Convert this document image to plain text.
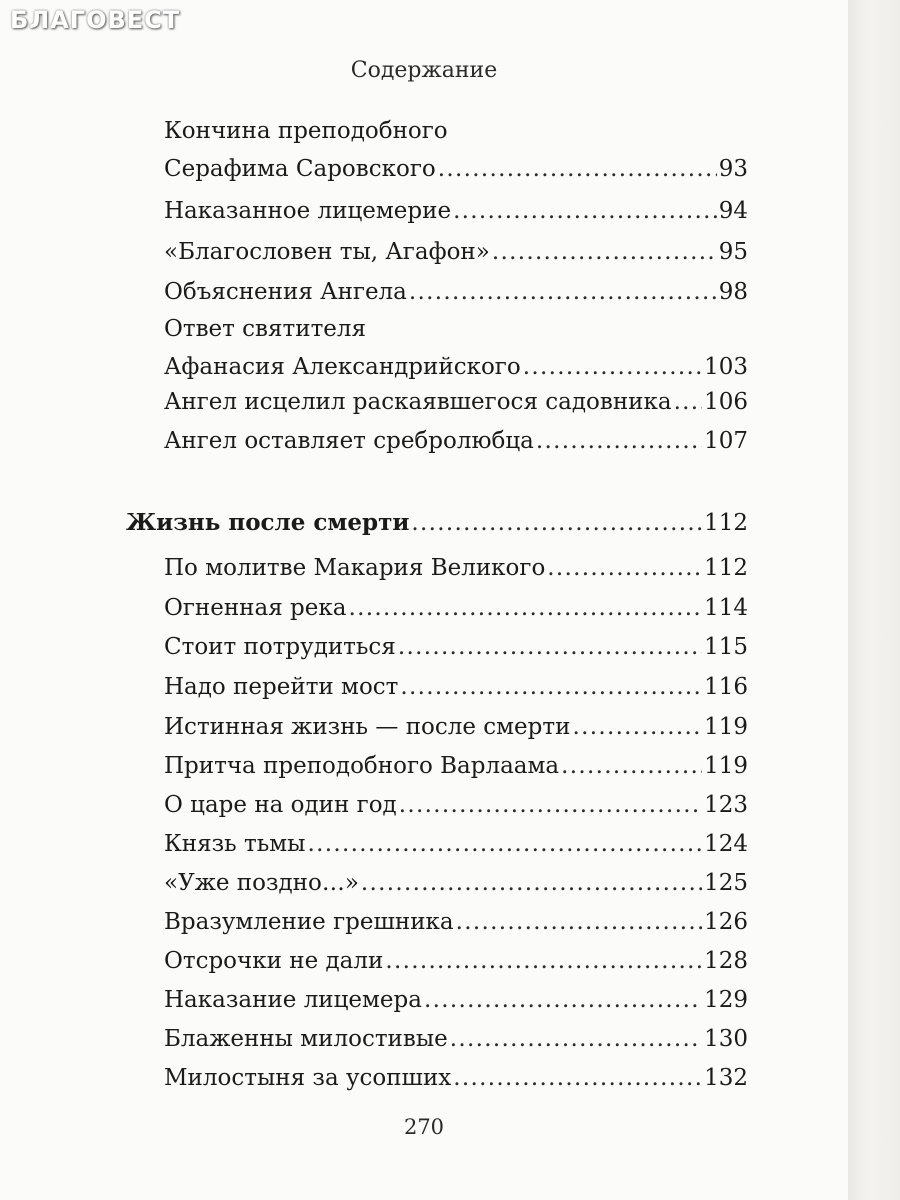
БЛАГОВЕСТ
Содержание
Кончина преподобного
Серафима Саровского . . .	93
Наказанное лицемерие . . .	94
«Благословен ты, Агафон» . . .	95
Объяснения Ангела . . .	98
Ответ святителя
Афанасия Александрийского . . .	103
Ангел исцелил раскаявшегося садовника . . . 106
Ангел оставляет сребролюбца . . .	107
Жизнь после смерти . . .	112
По молитве Макария Великого . . .	112
Огненная река . . .	114
Стоит потрудиться . . .	115
Надо перейти мост . . .	116
Истинная жизнь — после смерти . . .	119
Притча преподобного Варлаама . . .	119
О царе на один год . . .	123
Князь тьмы . . .	124
«Уже поздно…» . . .	125
Вразумление грешника . . .	126
Отсрочки не дали . . .	128
Наказание лицемера . . .	129
Блаженны милостивые . . .	130
Милостыня за усопших . . .	132
270
